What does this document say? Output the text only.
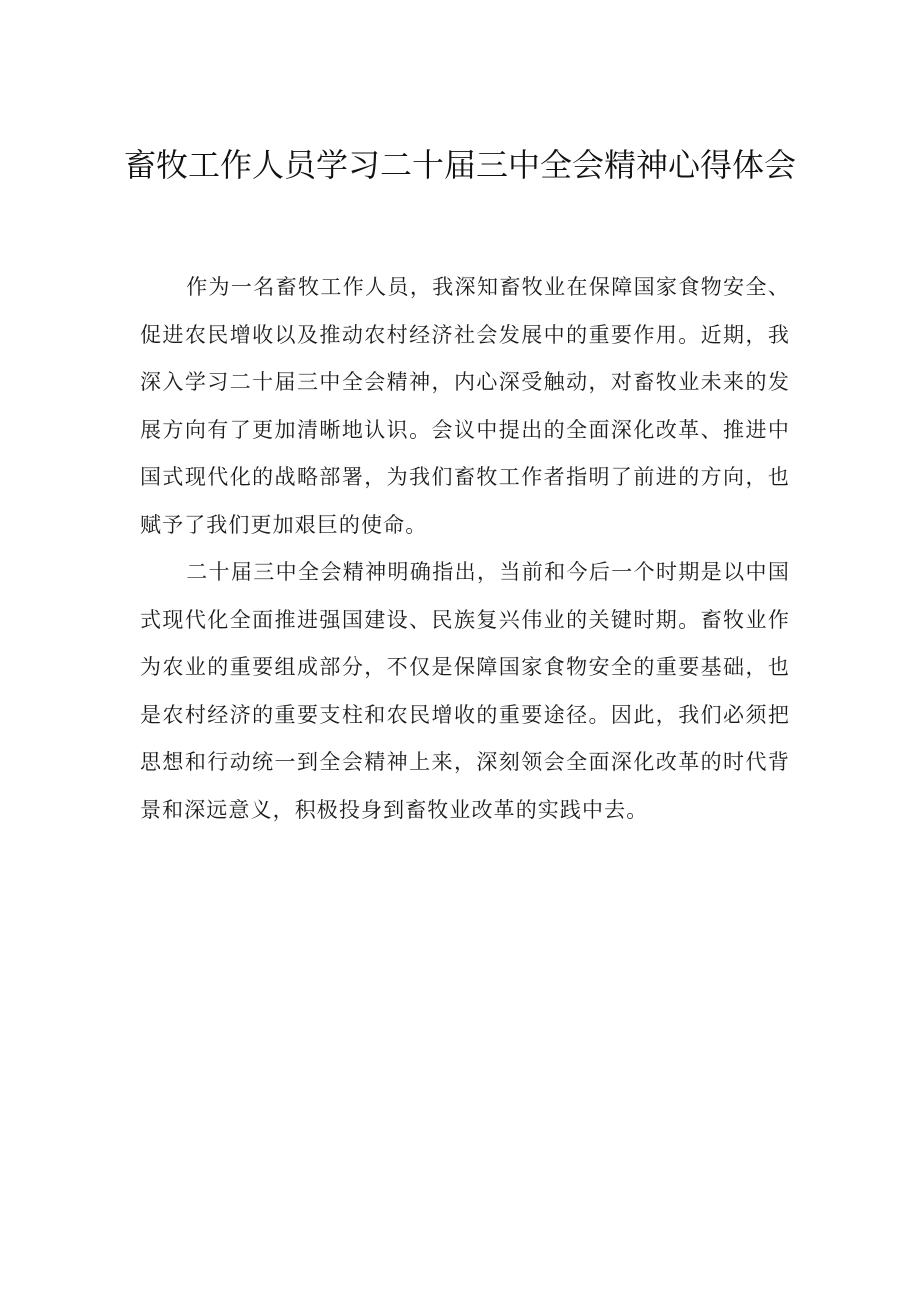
畜牧工作人员学习二十届三中全会精神心得体会

作为一名畜牧工作人员，我深知畜牧业在保障国家食物安全、促进农民增收以及推动农村经济社会发展中的重要作用。近期，我深入学习二十届三中全会精神，内心深受触动，对畜牧业未来的发展方向有了更加清晰地认识。会议中提出的全面深化改革、推进中国式现代化的战略部署，为我们畜牧工作者指明了前进的方向，也赋予了我们更加艰巨的使命。

二十届三中全会精神明确指出，当前和今后一个时期是以中国式现代化全面推进强国建设、民族复兴伟业的关键时期。畜牧业作为农业的重要组成部分，不仅是保障国家食物安全的重要基础，也是农村经济的重要支柱和农民增收的重要途径。因此，我们必须把思想和行动统一到全会精神上来，深刻领会全面深化改革的时代背景和深远意义，积极投身到畜牧业改革的实践中去。
